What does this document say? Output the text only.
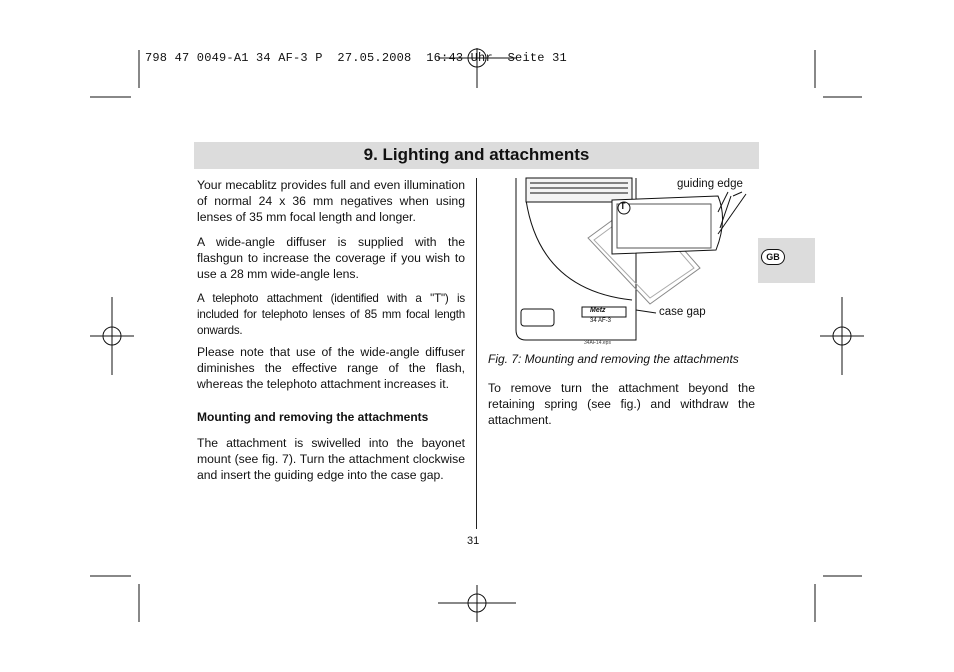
798 47 0049-A1 34 AF-3 P  27.05.2008  16:43 Uhr  Seite 31
9. Lighting and attachments
GB
Your mecablitz provides full and even illumination of normal 24 x 36 mm negatives when using lenses of 35 mm focal length and longer.
A wide-angle diffuser is supplied with the flashgun to increase the coverage if you wish to use a 28 mm wide-angle lens.
A telephoto attachment (identified with a "T") is included for telephoto lenses of 85 mm focal length onwards.
Please note that use of the wide-angle diffuser diminishes the effective range of the flash, whereas the telephoto attachment increases it.
Mounting and removing the attachments
The attachment is swivelled into the bayonet mount (see fig. 7). Turn the attachment clockwise and insert the guiding edge into the case gap.
T
guiding edge
case gap
Metz
34 AF-3
34AF14.eps
Fig. 7: Mounting and removing the attachments
To remove turn the attachment beyond the retaining spring (see fig.) and withdraw the attachment.
31
